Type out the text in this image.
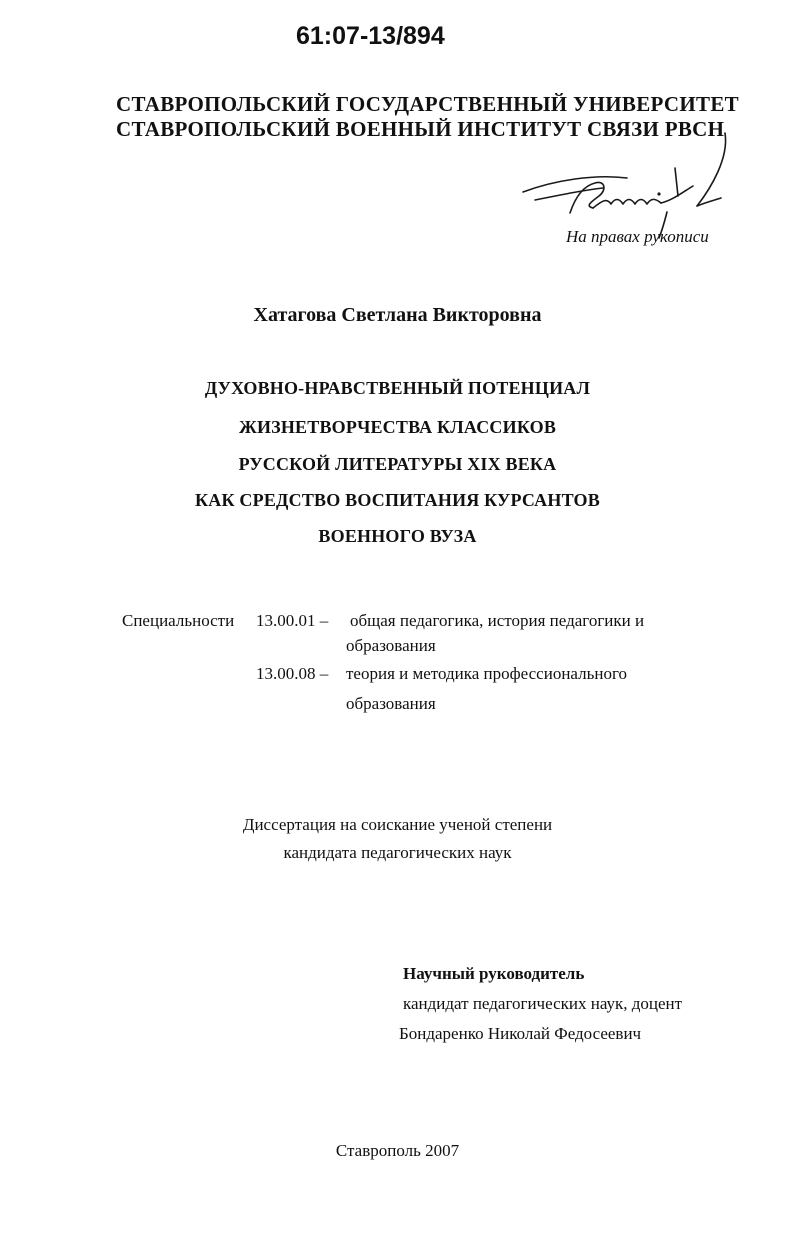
61:07-13/894
СТАВРОПОЛЬСКИЙ ГОСУДАРСТВЕННЫЙ УНИВЕРСИТЕТ
СТАВРОПОЛЬСКИЙ ВОЕННЫЙ ИНСТИТУТ СВЯЗИ РВСН
На правах рукописи
Хатагова Светлана Викторовна
ДУХОВНО-НРАВСТВЕННЫЙ ПОТЕНЦИАЛ
ЖИЗНЕТВОРЧЕСТВА КЛАССИКОВ
РУССКОЙ ЛИТЕРАТУРЫ XIX ВЕКА
КАК СРЕДСТВО ВОСПИТАНИЯ КУРСАНТОВ
ВОЕННОГО ВУЗА
Специальности 13.00.01 – общая педагогика, история педагогики и
образования
13.00.08 – теория и методика профессионального
образования
Диссертация на соискание ученой степени
кандидата педагогических наук
Научный руководитель
кандидат педагогических наук, доцент
Бондаренко Николай Федосеевич
Ставрополь 2007
